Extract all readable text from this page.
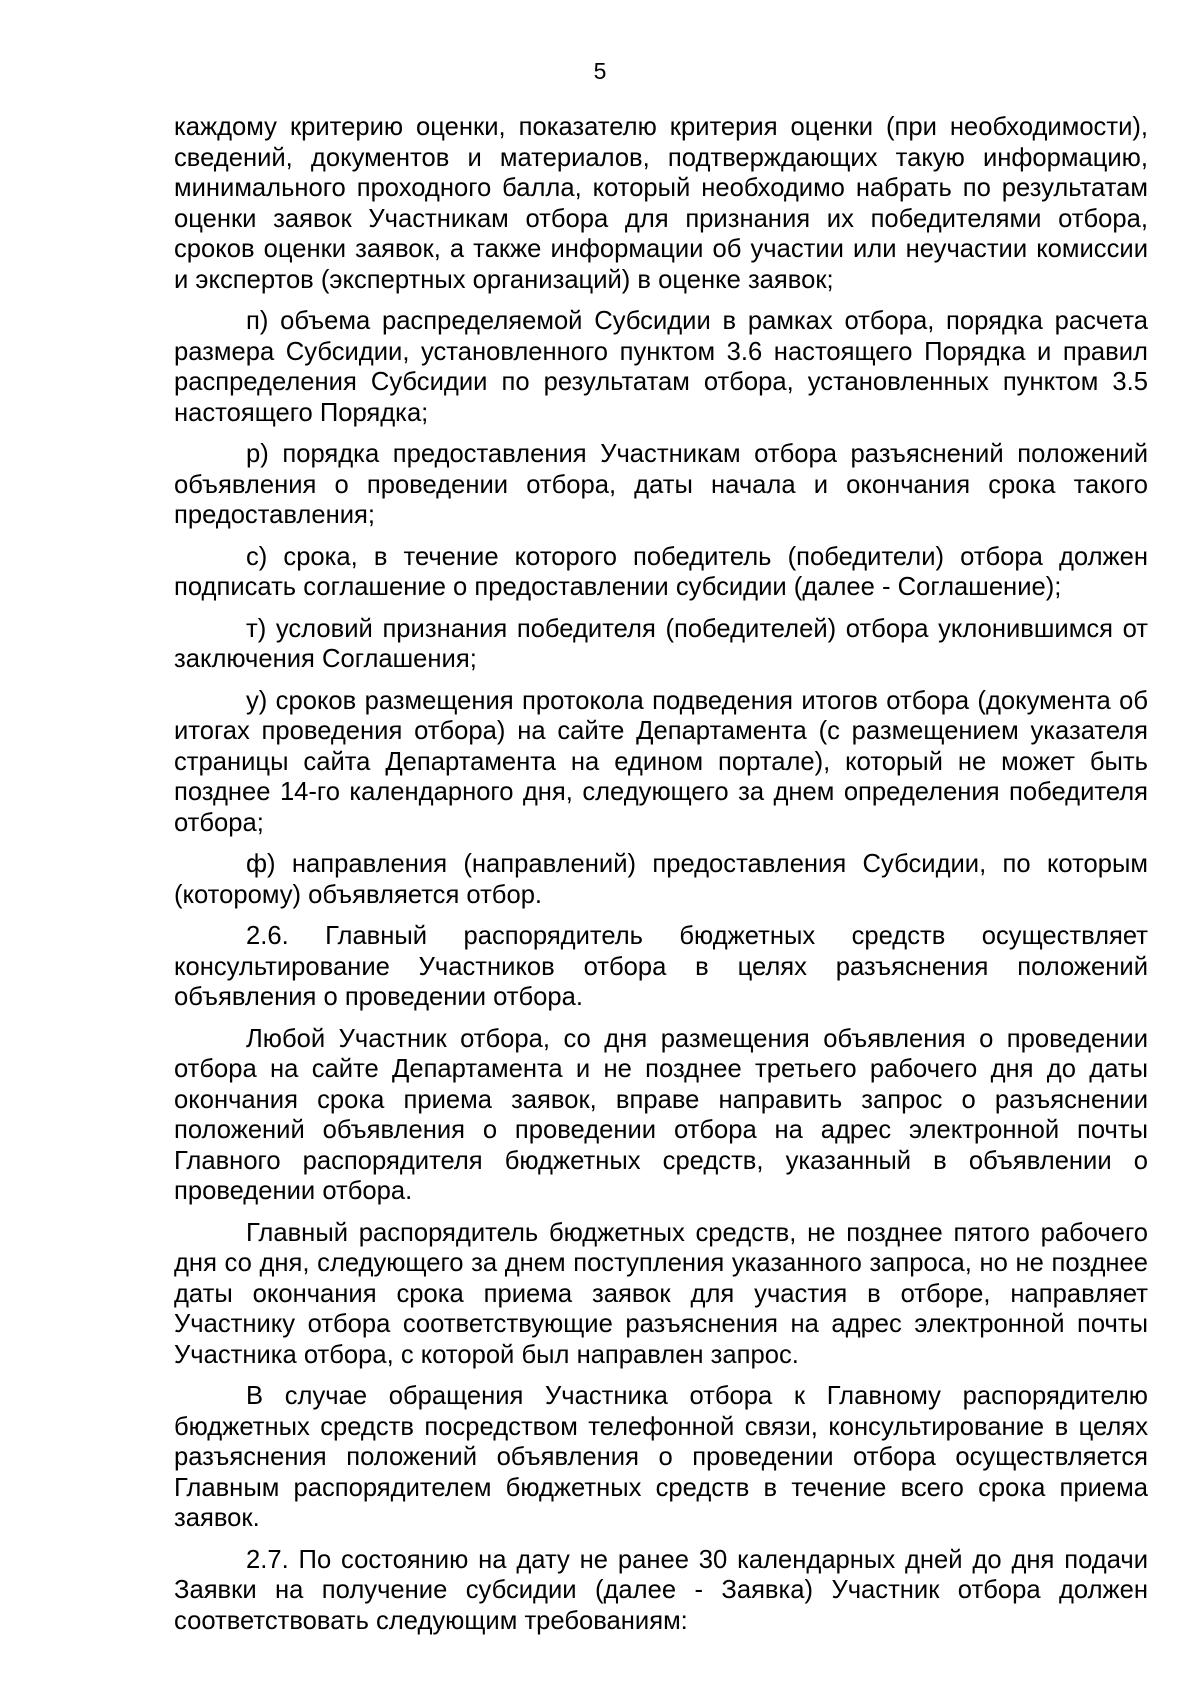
5

каждому критерию оценки, показателю критерия оценки (при необходимости), сведений, документов и материалов, подтверждающих такую информацию, минимального проходного балла, который необходимо набрать по результатам оценки заявок Участникам отбора для признания их победителями отбора, сроков оценки заявок, а также информации об участии или неучастии комиссии и экспертов (экспертных организаций) в оценке заявок;

п) объема распределяемой Субсидии в рамках отбора, порядка расчета размера Субсидии, установленного пунктом 3.6 настоящего Порядка и правил распределения Субсидии по результатам отбора, установленных пунктом 3.5 настоящего Порядка;

р) порядка предоставления Участникам отбора разъяснений положений объявления о проведении отбора, даты начала и окончания срока такого предоставления;

с) срока, в течение которого победитель (победители) отбора должен подписать соглашение о предоставлении субсидии (далее - Соглашение);

т) условий признания победителя (победителей) отбора уклонившимся от заключения Соглашения;

у) сроков размещения протокола подведения итогов отбора (документа об итогах проведения отбора) на сайте Департамента (с размещением указателя страницы сайта Департамента на едином портале), который не может быть позднее 14-го календарного дня, следующего за днем определения победителя отбора;

ф) направления (направлений) предоставления Субсидии, по которым (которому) объявляется отбор.

2.6. Главный распорядитель бюджетных средств осуществляет консультирование Участников отбора в целях разъяснения положений объявления о проведении отбора.

Любой Участник отбора, со дня размещения объявления о проведении отбора на сайте Департамента и не позднее третьего рабочего дня до даты окончания срока приема заявок, вправе направить запрос о разъяснении положений объявления о проведении отбора на адрес электронной почты Главного распорядителя бюджетных средств, указанный в объявлении о проведении отбора.

Главный распорядитель бюджетных средств, не позднее пятого рабочего дня со дня, следующего за днем поступления указанного запроса, но не позднее даты окончания срока приема заявок для участия в отборе, направляет Участнику отбора соответствующие разъяснения на адрес электронной почты Участника отбора, с которой был направлен запрос.

В случае обращения Участника отбора к Главному распорядителю бюджетных средств посредством телефонной связи, консультирование в целях разъяснения положений объявления о проведении отбора осуществляется Главным распорядителем бюджетных средств в течение всего срока приема заявок.

2.7. По состоянию на дату не ранее 30 календарных дней до дня подачи Заявки на получение субсидии (далее - Заявка) Участник отбора должен соответствовать следующим требованиям:
